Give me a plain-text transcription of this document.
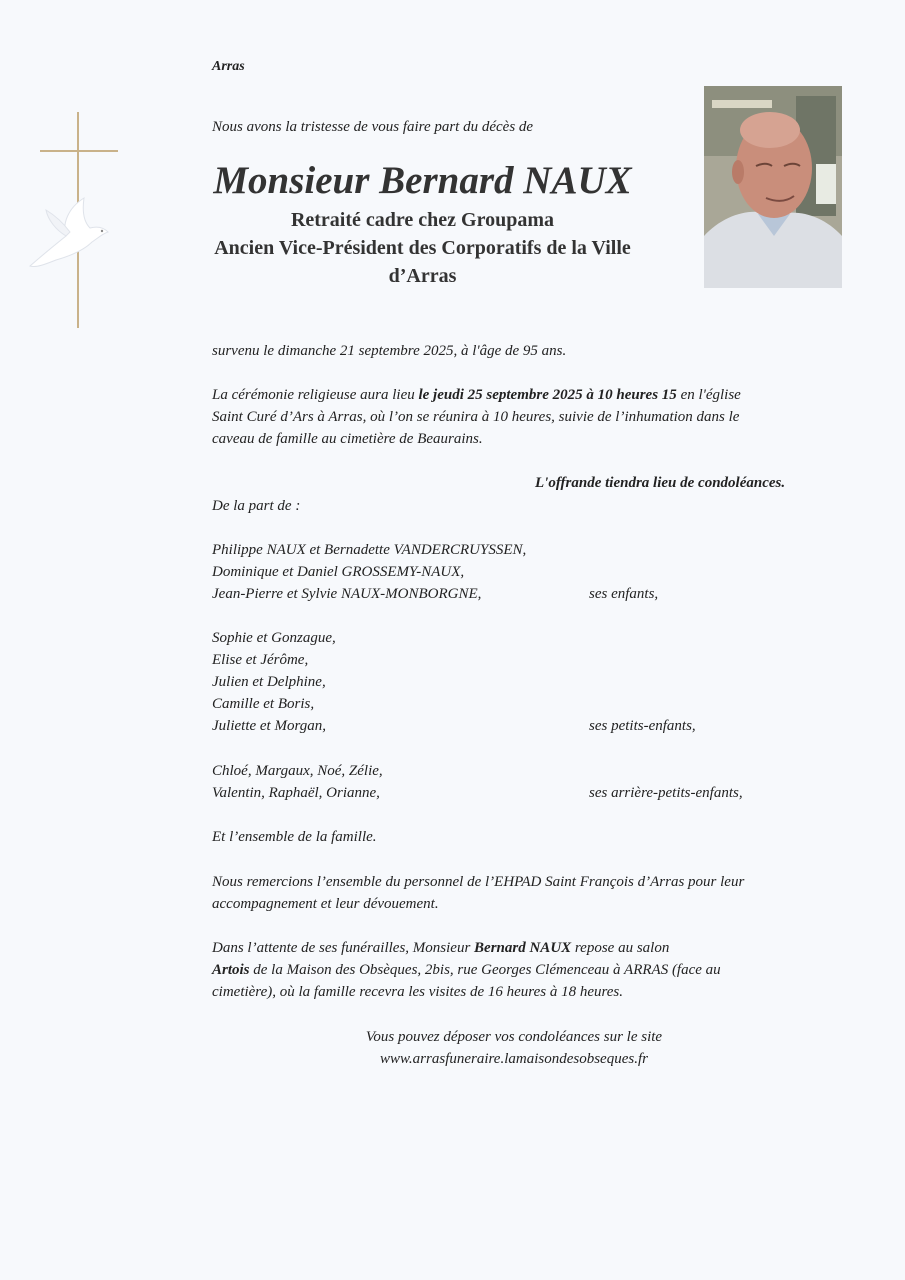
Arras
Nous avons la tristesse de vous faire part du décès de
Monsieur Bernard NAUX
Retraité cadre chez Groupama
Ancien Vice-Président des Corporatifs de la Ville
d’Arras
survenu le dimanche 21 septembre 2025, à l'âge de 95 ans.
La cérémonie religieuse aura lieu le jeudi 25 septembre 2025 à 10 heures 15 en l'église
Saint Curé d’Ars à Arras, où l’on se réunira à 10 heures, suivie de l’inhumation dans le
caveau de famille au cimetière de Beaurains.
L'offrande tiendra lieu de condoléances.
De la part de :
Philippe NAUX et Bernadette VANDERCRUYSSEN,
Dominique et Daniel GROSSEMY-NAUX,
Jean-Pierre et Sylvie NAUX-MONBORGNE,	ses enfants,
Sophie et Gonzague,
Elise et Jérôme,
Julien et Delphine,
Camille et Boris,
Juliette et Morgan,	ses petits-enfants,
Chloé, Margaux, Noé, Zélie,
Valentin, Raphaël, Orianne,	ses arrière-petits-enfants,
Et l’ensemble de la famille.
Nous remercions l’ensemble du personnel de l’EHPAD Saint François d’Arras pour leur
accompagnement et leur dévouement.
Dans l’attente de ses funérailles, Monsieur Bernard NAUX repose au salon
Artois de la Maison des Obsèques, 2bis, rue Georges Clémenceau à ARRAS (face au
cimetière), où la famille recevra les visites de 16 heures à 18 heures.
Vous pouvez déposer vos condoléances sur le site
www.arrasfuneraire.lamaisondesobseques.fr
